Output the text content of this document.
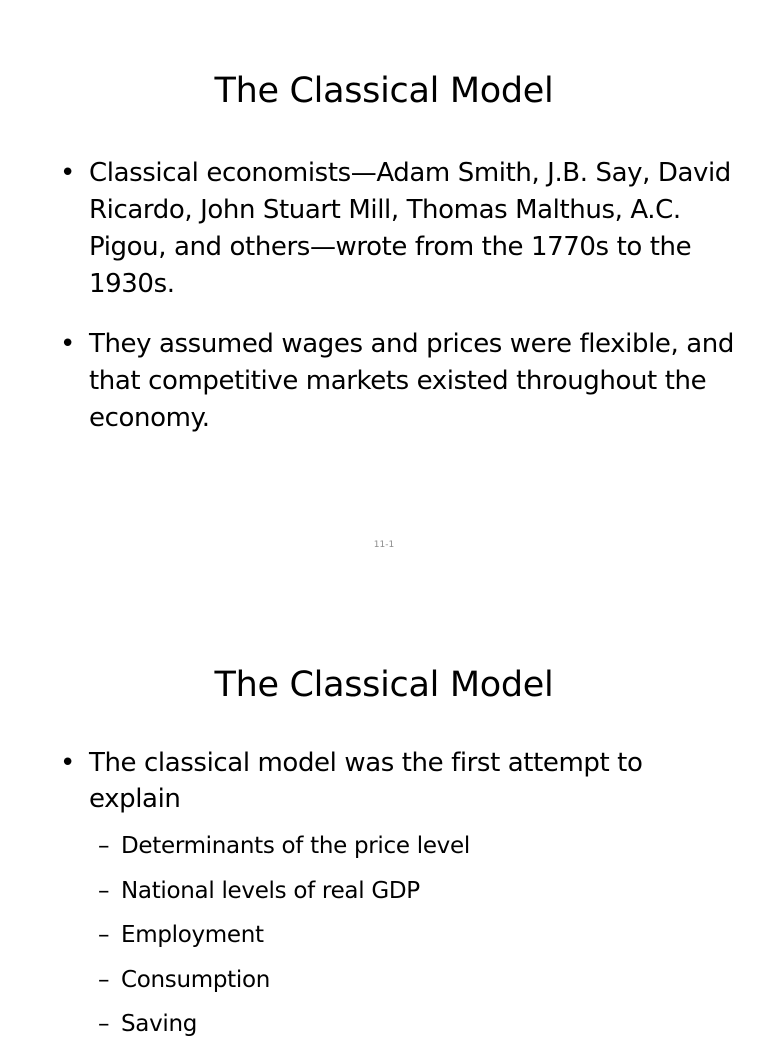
The Classical Model
• Classical economists—Adam Smith, J.B. Say, David Ricardo, John Stuart Mill, Thomas Malthus, A.C. Pigou, and others—wrote from the 1770s to the 1930s.
• They assumed wages and prices were flexible, and that competitive markets existed throughout the economy.
11-1
The Classical Model
• The classical model was the first attempt to explain
– Determinants of the price level
– National levels of real GDP
– Employment
– Consumption
– Saving
